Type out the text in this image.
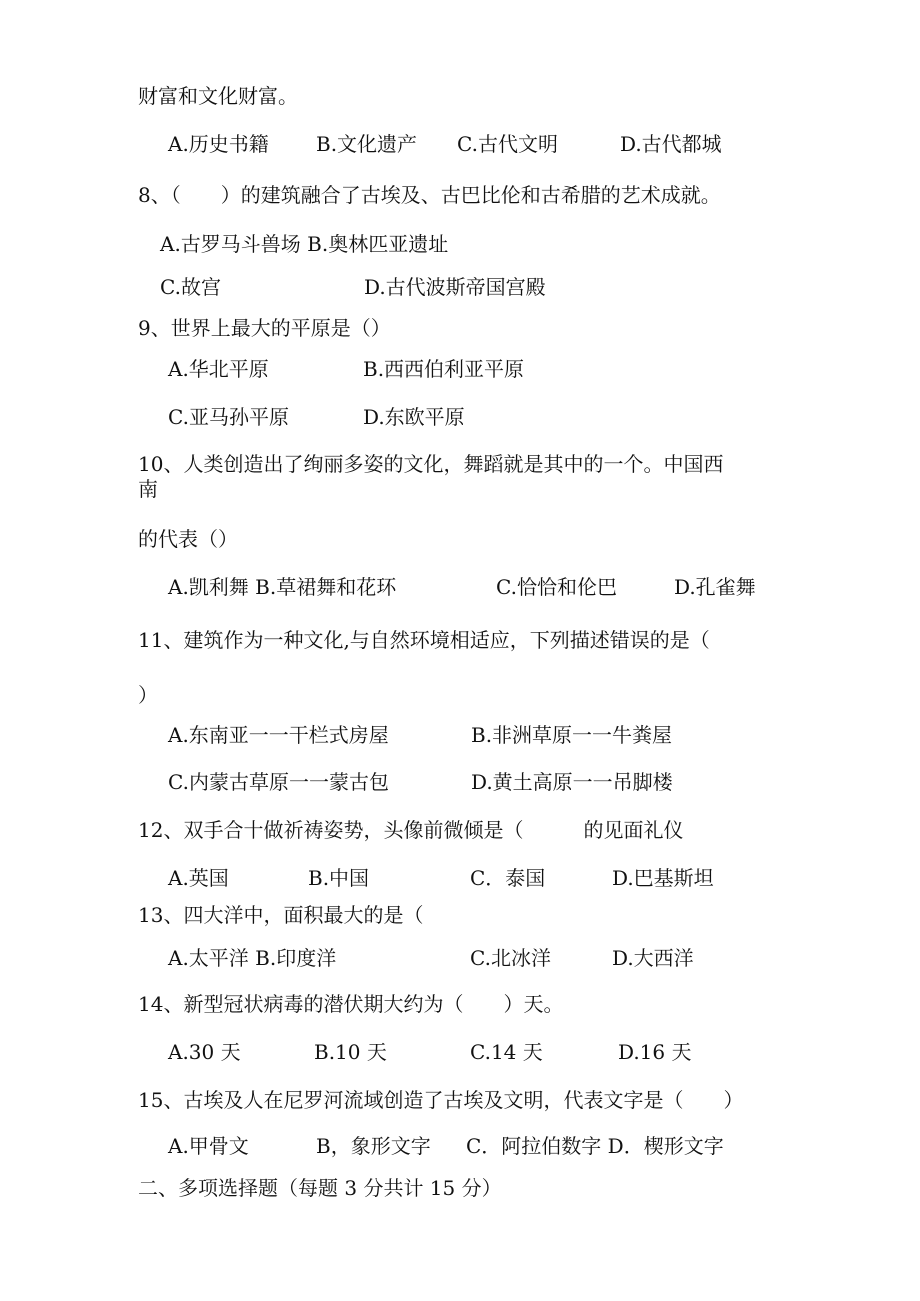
财富和文化财富。
A.历史书籍 B.文化遗产 C.古代文明	D.古代都城
8、（　　）的建筑融合了古埃及、古巴比伦和古希腊的艺术成就。
A.古罗马斗兽场 B.奥林匹亚遗址
C.故宫	D.古代波斯帝国宫殿
9、世界上最大的平原是（）
A.华北平原	B.西西伯利亚平原
C.亚马孙平原	D.东欧平原
10、人类创造出了绚丽多姿的文化，舞蹈就是其中的一个。中国西
南
的代表（）
A.凯利舞 B.草裙舞和花环	C.恰恰和伦巴	D.孔雀舞
11、建筑作为一种文化,与自然环境相适应，下列描述错误的是（
）
A.东南亚一一干栏式房屋	B.非洲草原一一牛粪屋
C.内蒙古草原一一蒙古包	D.黄土高原一一吊脚楼
12、双手合十做祈祷姿势，头像前微倾是（　　　的见面礼仪
A.英国	B.中国	C．泰国	D.巴基斯坦
13、四大洋中，面积最大的是（
A.太平洋 B.印度洋	C.北冰洋	D.大西洋
14、新型冠状病毒的潜伏期大约为（　　）天。
A.30 天	B.10 天	C.14 天	D.16 天
15、古埃及人在尼罗河流域创造了古埃及文明，代表文字是（　　）
A.甲骨文	B，象形文字 C．阿拉伯数字 D．楔形文字
二、多项选择题（每题 3 分共计 15 分）
